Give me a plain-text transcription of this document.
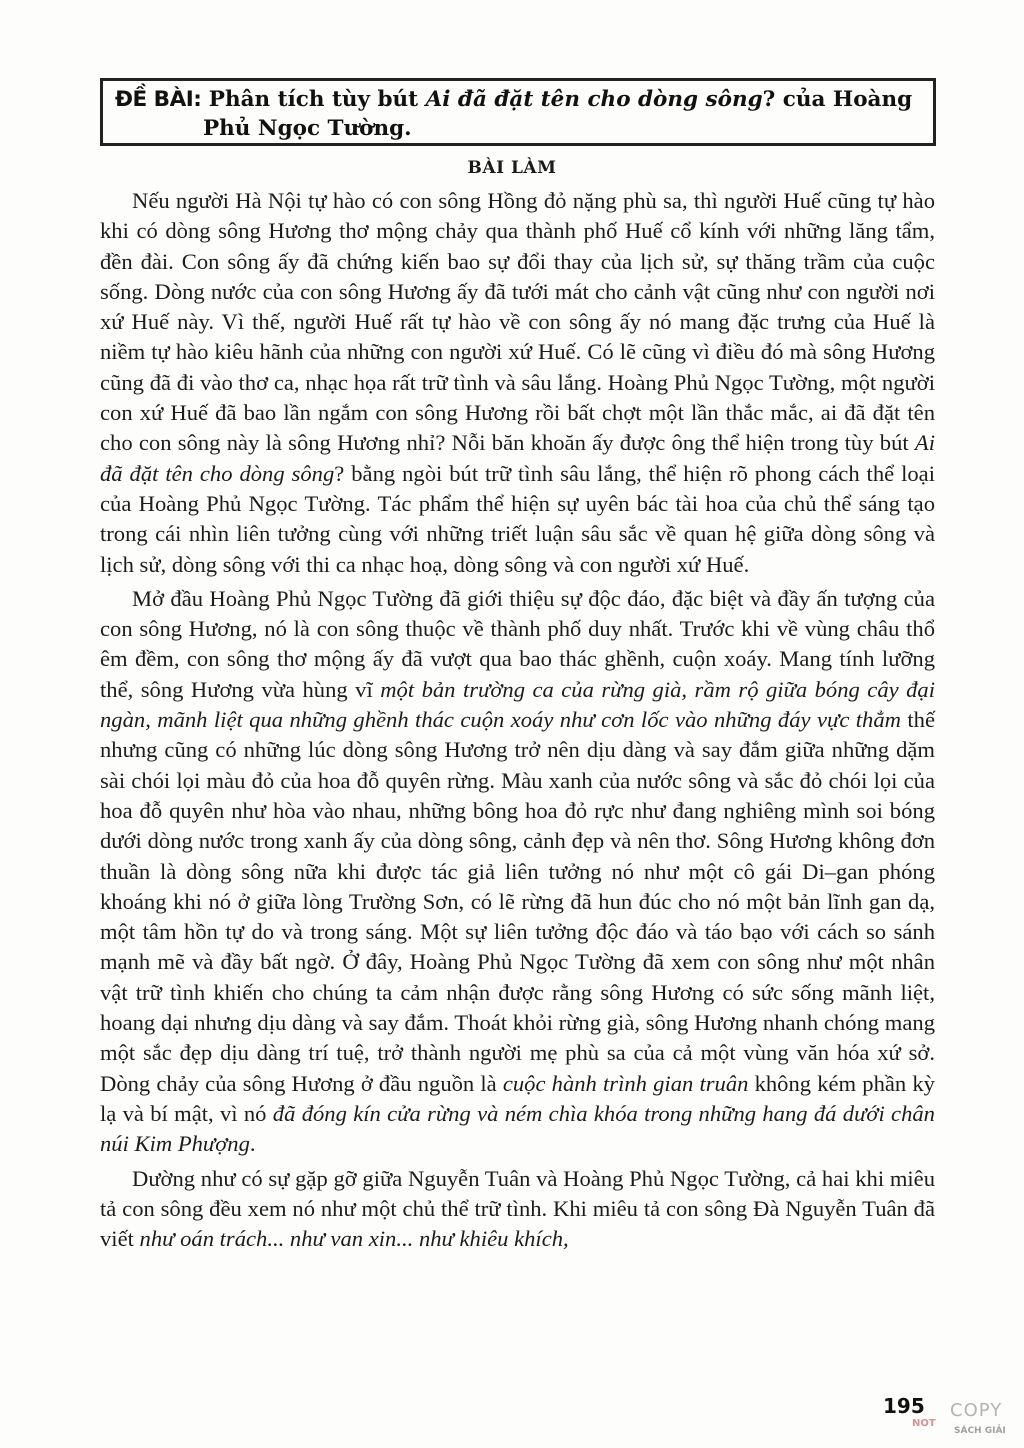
ĐỀ BÀI: Phân tích tùy bút Ai đã đặt tên cho dòng sông? của Hoàng
Phủ Ngọc Tường.
BÀI LÀM

Nếu người Hà Nội tự hào có con sông Hồng đỏ nặng phù sa, thì người Huế cũng tự hào khi có dòng sông Hương thơ mộng chảy qua thành phố Huế cổ kính với những lăng tẩm, đền đài. Con sông ấy đã chứng kiến bao sự đổi thay của lịch sử, sự thăng trầm của cuộc sống. Dòng nước của con sông Hương ấy đã tưới mát cho cảnh vật cũng như con người nơi xứ Huế này. Vì thế, người Huế rất tự hào về con sông ấy nó mang đặc trưng của Huế là niềm tự hào kiêu hãnh của những con người xứ Huế. Có lẽ cũng vì điều đó mà sông Hương cũng đã đi vào thơ ca, nhạc họa rất trữ tình và sâu lắng. Hoàng Phủ Ngọc Tường, một người con xứ Huế đã bao lần ngắm con sông Hương rồi bất chợt một lần thắc mắc, ai đã đặt tên cho con sông này là sông Hương nhỉ? Nỗi băn khoăn ấy được ông thể hiện trong tùy bút Ai đã đặt tên cho dòng sông? bằng ngòi bút trữ tình sâu lắng, thể hiện rõ phong cách thể loại của Hoàng Phủ Ngọc Tường. Tác phẩm thể hiện sự uyên bác tài hoa của chủ thể sáng tạo trong cái nhìn liên tưởng cùng với những triết luận sâu sắc về quan hệ giữa dòng sông và lịch sử, dòng sông với thi ca nhạc hoạ, dòng sông và con người xứ Huế.

Mở đầu Hoàng Phủ Ngọc Tường đã giới thiệu sự độc đáo, đặc biệt và đầy ấn tượng của con sông Hương, nó là con sông thuộc về thành phố duy nhất. Trước khi về vùng châu thổ êm đềm, con sông thơ mộng ấy đã vượt qua bao thác ghềnh, cuộn xoáy. Mang tính lưỡng thể, sông Hương vừa hùng vĩ một bản trường ca của rừng già, rầm rộ giữa bóng cây đại ngàn, mãnh liệt qua những ghềnh thác cuộn xoáy như cơn lốc vào những đáy vực thẳm thế nhưng cũng có những lúc dòng sông Hương trở nên dịu dàng và say đắm giữa những dặm sài chói lọi màu đỏ của hoa đỗ quyên rừng. Màu xanh của nước sông và sắc đỏ chói lọi của hoa đỗ quyên như hòa vào nhau, những bông hoa đỏ rực như đang nghiêng mình soi bóng dưới dòng nước trong xanh ấy của dòng sông, cảnh đẹp và nên thơ. Sông Hương không đơn thuần là dòng sông nữa khi được tác giả liên tưởng nó như một cô gái Di–gan phóng khoáng khi nó ở giữa lòng Trường Sơn, có lẽ rừng đã hun đúc cho nó một bản lĩnh gan dạ, một tâm hồn tự do và trong sáng. Một sự liên tưởng độc đáo và táo bạo với cách so sánh mạnh mẽ và đầy bất ngờ. Ở đây, Hoàng Phủ Ngọc Tường đã xem con sông như một nhân vật trữ tình khiến cho chúng ta cảm nhận được rằng sông Hương có sức sống mãnh liệt, hoang dại nhưng dịu dàng và say đắm. Thoát khỏi rừng già, sông Hương nhanh chóng mang một sắc đẹp dịu dàng trí tuệ, trở thành người mẹ phù sa của cả một vùng văn hóa xứ sở. Dòng chảy của sông Hương ở đầu nguồn là cuộc hành trình gian truân không kém phần kỳ lạ và bí mật, vì nó đã đóng kín cửa rừng và ném chìa khóa trong những hang đá dưới chân núi Kim Phượng.

Dường như có sự gặp gỡ giữa Nguyễn Tuân và Hoàng Phủ Ngọc Tường, cả hai khi miêu tả con sông đều xem nó như một chủ thể trữ tình. Khi miêu tả con sông Đà Nguyễn Tuân đã viết như oán trách... như van xin... như khiêu khích,

195
NOT
COPY
SÁCH GIẢI
